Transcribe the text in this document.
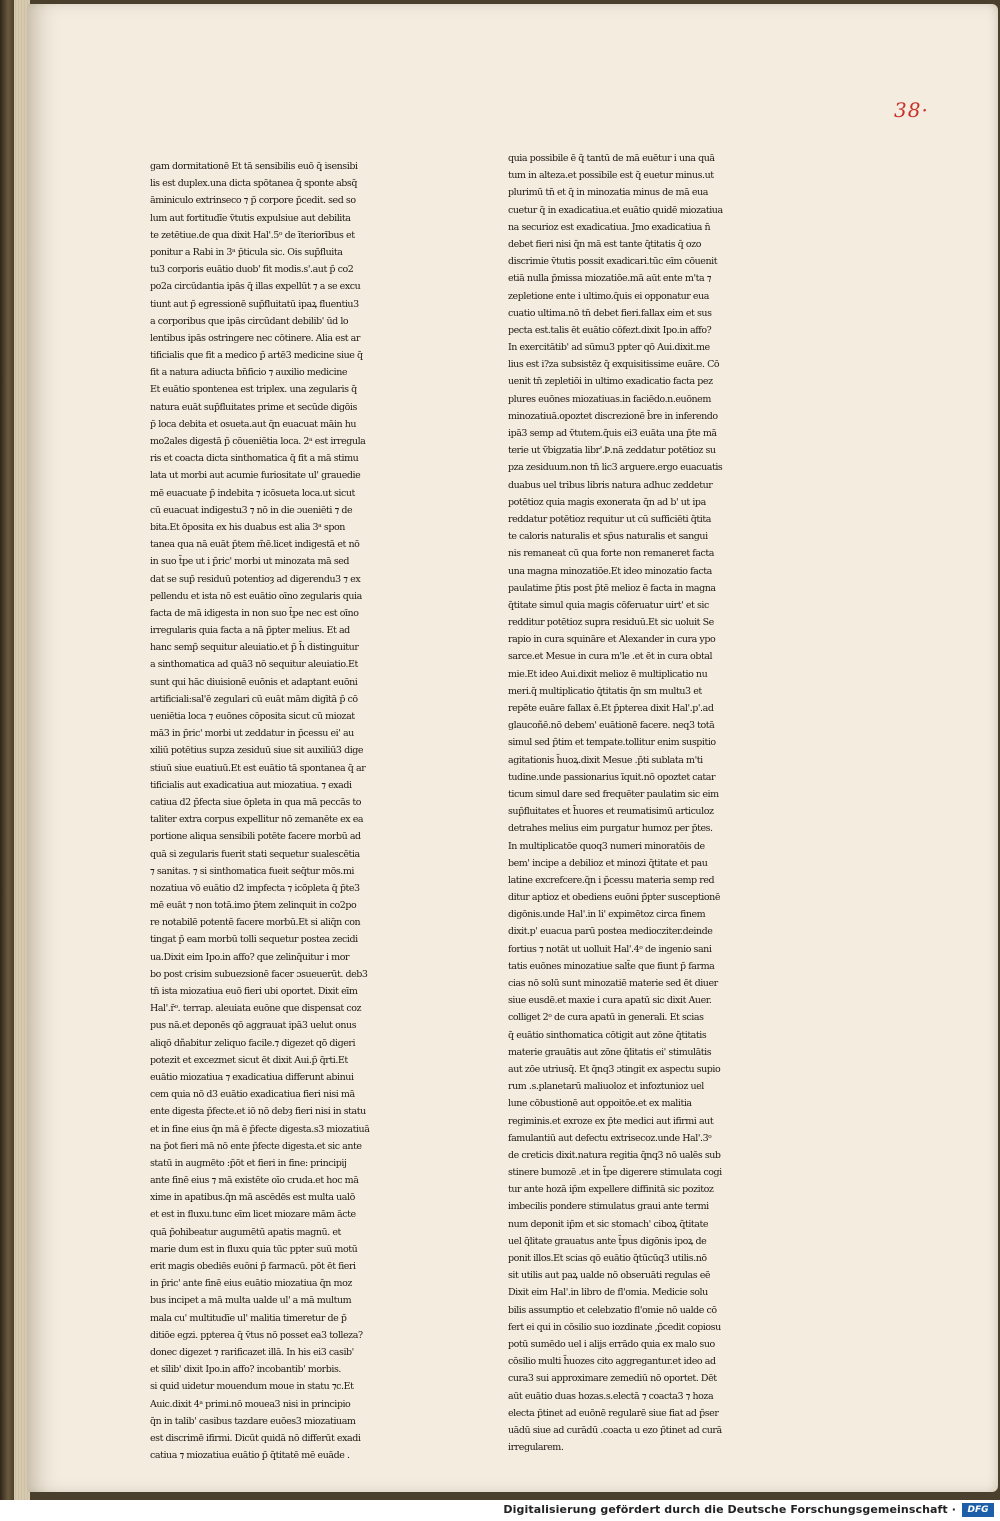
38·
gam dormitationē Et tā sensibilis euō q̄ isensibi
lis est duplex.una dicta spōtanea q̄ sponte absq̄
āminiculo extrinseco ⁊ p̄ corpore p̄cedit. sed so
lum aut fortitudīe v̄tutis expulsiue aut debilita
te zetētiue.de qua dixit Hal'.5ᵒ de īteriorībus et
ponitur a Rabi in 3ᵃ p̄ticula sic. Ois sup̄fluita
tu3 corporis euātio duob' fit modis.s'.aut p̄ co2
po2a circūdantia ipās q̄ illas expellūt ⁊ a se excu
tiunt aut p̄ egressionē sup̄fluitatū ipaꝝ fluentiu3
a corporibus que ipās circūdant debilib' ūd lo
lentibus ipās ostringere nec cōtinere. Alia est ar
tificialis que fit a medico p̄ artē3 medicine siue q̄
fit a natura adiucta bn̄ficio ⁊ auxilio medicine
Et euātio spontenea est triplex. una zegularis q̄
natura euāt sup̄fluitates prime et secūde digōis
p̄ loca debita et osueta.aut q̄n euacuat māin hu
mo2ales digestā p̄ cōueniētia loca. 2ᵃ est irregula
ris et coacta dicta sinthomatica q̄ fit a mā stimu
lata ut morbi aut acumie furiositate ul' grauedie
mē euacuate p̄ indebita ⁊ icōsueta loca.ut sicut
cū euacuat indigestu3 ⁊ nō in die ɔueniēti ⁊ de
bita.Et ōposita ex his duabus est alia 3ᵃ spon
tanea qua nā euāt p̄tem m̄ē.licet indigestā et nō
in suo t̄pe ut i p̄ric' morbi ut minozata mā sed
dat se sup̄ residuū potentioȝ ad digerendu3 ⁊ ex
pellendu et ista nō est euātio oīno zegularis quia
facta de mā idigesta in non suo t̄pe nec est oīno
irregularis quia facta a nā p̄pter melius. Et ad
hanc semp̄ sequitur aleuiatio.et p̄ h̄ distinguitur
a sinthomatica ad quā3 nō sequitur aleuiatio.Et
sunt qui hāc diuisionē euōnis et adaptant euōni
artificiali:sal'ē zegulari cū euāt mām digītā p̄ cō
ueniētia loca ⁊ euōnes cōposita sicut cū miozat
mā3 in p̄ric' morbi ut zeddatur in p̄cessu ei' au
xiliū potētius supza zesiduū siue sit auxiliū3 dige
stiuū siue euatiuū.Et est euātio tā spontanea q̄ ar
tificialis aut exadicatiua aut miozatiua. ⁊ exadi
catiua d2 p̄fecta siue ōpleta in qua mā peccās to
taliter extra corpus expellitur nō zemanēte ex ea
portione aliqua sensibili potēte facere morbū ad
quā si zegularis fuerit stati sequetur sualescētia
⁊ sanitas. ⁊ si sinthomatica fueit seq̄tur mōs.mi
nozatiua vō euātio d2 impfecta ⁊ icōpleta q̄ p̄te3
mē euāt ⁊ non totā.imo p̄tem zelinquit in co2po
re notabilē potentē facere morbū.Et si aliq̄n con
tingat p̄ eam morbū tolli sequetur postea zecidi
ua.Dixit eim Ipo.in affo? que zelinq̄uitur i mor
bo post crisim subuezsionē facer ɔsueuerūt. deb3
tn̄ ista miozatiua euō fieri ubi oportet. Dixit eīm
Hal'.r̄ᵒ. terrap. aleuiata euōne que dispensat coz
pus nā.et deponēs qō aggrauat ipā3 uelut onus
aliqō dñabitur zeliquo facile.⁊ digezet qō digeri
potezit et excezmet sicut ēt dixit Aui.p̄ q̄rti.Et
euātio miozatiua ⁊ exadicatiua differunt abinui
cem quia nō d3 euātio exadicatiua fieri nisi mā
ente digesta p̄fecte.et iō nō debȝ fieri nisi in statu
et in fine eius q̄n mā ē p̄fecte digesta.s3 miozatiuā
na p̄ot fieri mā nō ente p̄fecte digesta.et sic ante
statū in augmēto :p̄ōt et fieri in fine: principij
ante finē eius ⁊ mā existēte oīo cruda.et hoc mā
xime in apatibus.q̄n mā ascēdēs est multa ualō
et est in fluxu.tunc eīm licet miozare mām ācte
quā p̄ohibeatur augumētū apatis magnū. et
marie dum est in fluxu quia tūc ppter suū motū
erit magis obediēs euōni p̄ farmacū. pōt ēt fieri
in p̄ric' ante finē eius euātio miozatiua q̄n moz
bus incipet a mā multa ualde ul' a mā multum
mala cu' multitudīe ul' malitia timeretur de p̄
ditiōe egzi. ppterea q̄ v̄tus nō posset ea3 tolleza?
donec digezet ⁊ rarificazet illā. In his ei3 casib'
et sīlib' dixit Ipo.in affo? incobantib' morbis.
si quid uidetur mouendum moue in statu ⁊c.Et
Auic.dixit 4ᵃ primi.nō mouea3 nisi in principio
q̄n in talib' casibus tazdare euōes3 miozatiuam
est discrimē ifirmi. Dicūt quidā nō differūt exadi
catiua ⁊ miozatiua euātio p̄ q̄titatē mē euāde .
quia possibile ē q̄ tantū de mā euētur i una quā
tum in alteza.et possibile est q̄ euetur minus.ut
plurimū tn̄ et q̄ in minozatia minus de mā eua
cuetur q̄ in exadicatiua.et euātio quidē miozatiua
na securioz est exadicatiua. Jmo exadicatiua n̄
debet fieri nisi q̄n mā est tante q̄titatis q̄ ozo
discrimie v̄tutis possit exadicari.tūc eīm cōuenit
etiā nulla p̄missa miozatiōe.mā aūt ente m'ta ⁊
zepletione ente i ultimo.q̄uis ei opponatur eua
cuatio ultima.nō tn̄ debet fieri.fallax eim et sus
pecta est.talis ēt euātio cōfezt.dixit Ipo.in affo?
In exercitātib' ad sūmu3 ppter qō Aui.dixit.me
lius est i?za subsistēz q̄ exquisitissime euāre. Cō
uenit tn̄ zepletiōi in ultimo exadicatio facta pez
plures euōnes miozatiuas.in faciēdo.n.euōnem
minozatiuā.opoztet discrezionē b̄re in inferendo
ipā3 semp ad v̄tutem.q̄uis ei3 euāta una p̄te mā
terie ut v̄bigzatia libr'.Ꝧ.nā zeddatur potētioz su
pza zesiduum.non tn̄ lic3 arguere.ergo euacuatis
duabus uel tribus libris natura adhuc zeddetur
potētioz quia magis exonerata q̄n ad b' ut ipa
reddatur potētioz requitur ut cū sufficiēti q̄tita
te caloris naturalis et sp̄us naturalis et sangui
nis remaneat cū qua forte non remaneret facta
una magna minozatiōe.Et ideo minozatio facta
paulatime p̄tis post p̄tē melioz ē facta in magna
q̄titate simul quia magis cōferuatur uirt' et sic
redditur potētioz supra residuū.Et sic uoluit Se
rapio in cura squināre et Alexander in cura ypo
sarce.et Mesue in cura m'le .et ēt in cura obtal
mie.Et ideo Aui.dixit melioz ē multiplicatio nu
meri.q̄ multiplicatio q̄titatis q̄n sm multu3 et
repēte euāre fallax ē.Et p̄pterea dixit Hal'.p'.ad
glaucoñē.nō debem' euātionē facere. neq3 totā
simul sed p̄tim et tempate.tollitur enim suspitio
agitationis h̄uoꝝ.dixit Mesue .p̄ti sublata m'ti
tudine.unde passionarius īquit.nō opoztet catar
ticum simul dare sed frequēter paulatim sic eim
sup̄fluitates et h̄uores et reumatisimū articuloz
detrahes melius eim purgatur humoz per p̄tes.
In multiplicatōe quoq3 numeri minoratōis de
bem' incipe a debilioz et minozi q̄titate et pau
latine excrefcere.q̄n i p̄cessu materia semp red
ditur aptioz et obediens euōni p̄pter susceptionē
digōnis.unde Hal'.in li' expimētoz circa finem
dixit.p' euacua parū postea mediocziter.deinde
fortius ⁊ notāt ut uolluit Hal'.4ᵒ de ingenio sani
tatis euōnes minozatiue salt̄e que fiunt p̄ farma
cias nō solū sunt minozatiē materie sed ēt diuer
siue eusdē.et maxie i cura apatū sic dixit Auer.
colliget 2ᵒ de cura apatū in generali. Et scias
q̄ euātio sinthomatica cōtigit aut zōne q̄titatis
materie grauātis aut zōne q̄litatis ei' stimulātis
aut zōe utriusq̄. Et q̄nq3 ɔtingit ex aspectu supio
rum .s.planetarū maliuoloz et infoztunioz uel
lune cōbustionē aut oppoitōe.et ex malitia
regiminis.et exroze ex p̄te medici aut ifirmi aut
famulantiū aut defectu extrisecoz.unde Hal'.3ᵒ
de creticis dixit.natura regitia q̄nq3 nō ualēs sub
stinere bumozē .et in t̄pe digerere stimulata cogi
tur ante hozā ip̄m expellere diffinitā sic pozitoz
imbecilis pondere stimulatus graui ante termi
num deponit ip̄m et sic stomach' ciboꝝ q̄titate
uel q̄litate grauatus ante t̄pus digōnis ipoꝝ de
ponit illos.Et scias qō euātio q̄tūcūq3 utilis.nō
sit utilis aut paꝝ ualde nō obseruāti regulas eē
Dixit eim Hal'.in libro de fl'omia. Medicie solu
bilis assumptio et celebzatio fl'omie nō ualde cō
fert ei qui in cōsilio suo iozdinate ,p̄cedit copiosu
potū sumēdo uel i alijs errādo quia ex malo suo
cōsilio multi h̄uozes cito aggregantur.et ideo ad
cura3 sui approximare zemediū nō oportet. Dēt
aūt euātio duas hozas.s.electā ⁊ coacta3 ⁊ hoza
electa p̄tinet ad euōnē regularē siue fiat ad p̄ser
uādū siue ad curādū .coacta u ezo p̄tinet ad curā
irregularem.
Digitalisierung gefördert durch die Deutsche Forschungsgemeinschaft ·	DFG
